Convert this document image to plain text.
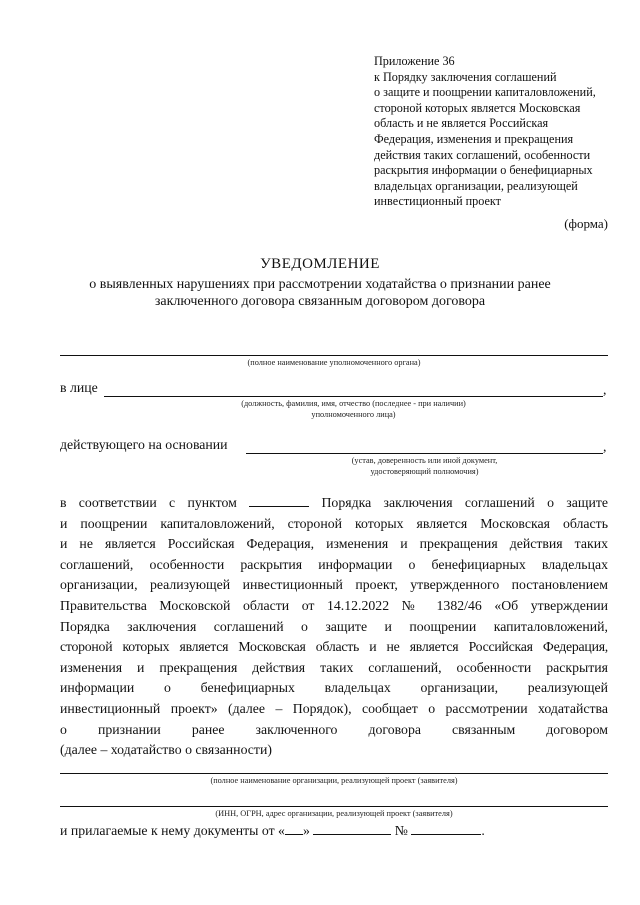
Приложение 36
к Порядку заключения соглашений
о защите и поощрении капиталовложений,
стороной которых является Московская
область и не является Российская
Федерация, изменения и прекращения
действия таких соглашений, особенности
раскрытия информации о бенефициарных
владельцах организации, реализующей
инвестиционный проект
(форма)
УВЕДОМЛЕНИЕ
о выявленных нарушениях при рассмотрении ходатайства о признании ранее
заключенного договора связанным договором договора
(полное наименование уполномоченного органа)
в лице	,
(должность, фамилия, имя, отчество (последнее - при наличии)
уполномоченного лица)
действующего на основании	,
(устав, доверенность или иной документ,
удостоверяющий полномочия)
в соответствии с пунктом	Порядка заключения соглашений о защите
и поощрении капиталовложений, стороной которых является Московская область
и не является Российская Федерация, изменения и прекращения действия таких
соглашений, особенности раскрытия информации о бенефициарных владельцах
организации, реализующей инвестиционный проект, утвержденного постановлением
Правительства Московской области от 14.12.2022 № 1382/46 «Об утверждении
Порядка заключения соглашений о защите и поощрении капиталовложений,
стороной которых является Московская область и не является Российская Федерация,
изменения и прекращения действия таких соглашений, особенности раскрытия
информации о бенефициарных владельцах организации, реализующей
инвестиционный проект» (далее – Порядок), сообщает о рассмотрении ходатайства
о признании ранее заключенного договора связанным договором
(далее – ходатайство о связанности)
(полное наименование организации, реализующей проект (заявителя)
(ИНН, ОГРН, адрес организации, реализующей проект (заявителя)
и прилагаемые к нему документы от « »	№	.
